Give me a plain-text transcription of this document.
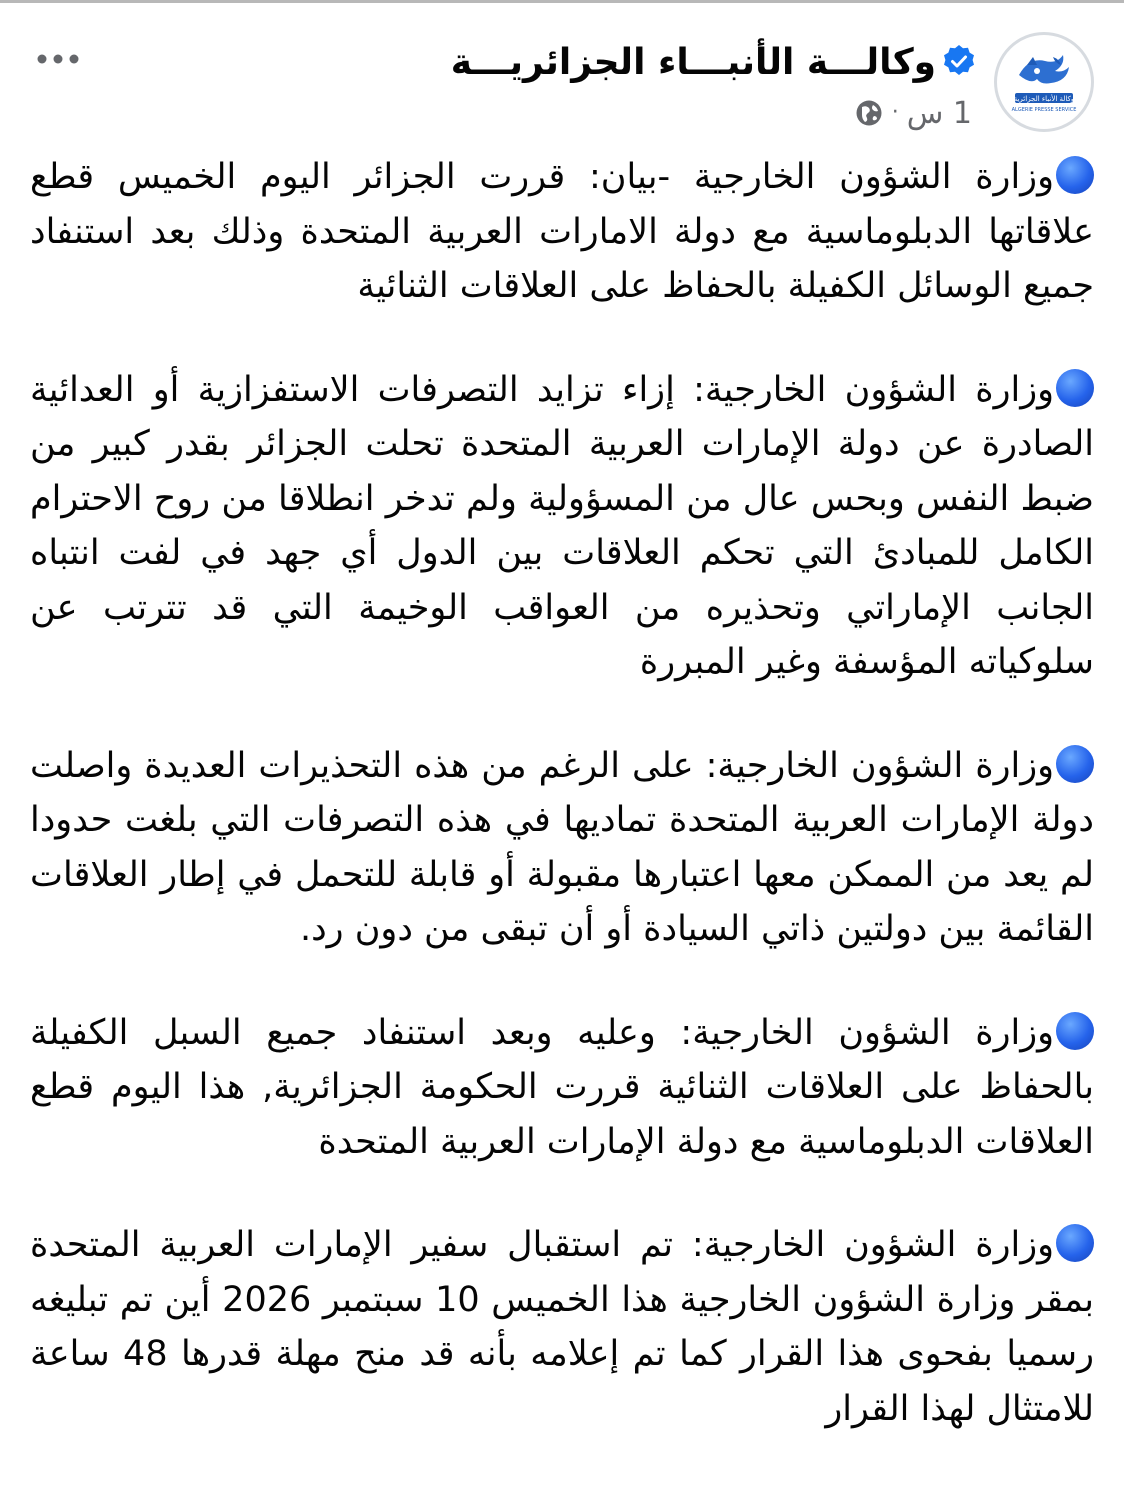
وكالة الأنباء الجزائرية
ALGERIE PRESSE SERVICE
وكالـــة الأنبـــاء الجزائريـــة
1 س·

وزارة الشؤون الخارجية -بيان: قررت الجزائر اليوم الخميس قطع علاقاتها الدبلوماسية مع دولة الامارات العربية المتحدة وذلك بعد استنفاد جميع الوسائل الكفيلة بالحفاظ على العلاقات الثنائية

وزارة الشؤون الخارجية: إزاء تزايد التصرفات الاستفزازية أو العدائية الصادرة عن دولة الإمارات العربية المتحدة تحلت الجزائر بقدر كبير من ضبط النفس وبحس عال من المسؤولية ولم تدخر انطلاقا من روح الاحترام الكامل للمبادئ التي تحكم العلاقات بين الدول أي جهد في لفت انتباه الجانب الإماراتي وتحذيره من العواقب الوخيمة التي قد تترتب عن سلوكياته المؤسفة وغير المبررة

وزارة الشؤون الخارجية: على الرغم من هذه التحذيرات العديدة واصلت دولة الإمارات العربية المتحدة تماديها في هذه التصرفات التي بلغت حدودا لم يعد من الممكن معها اعتبارها مقبولة أو قابلة للتحمل في إطار العلاقات القائمة بين دولتين ذاتي السيادة أو أن تبقى من دون رد.

وزارة الشؤون الخارجية: وعليه وبعد استنفاد جميع السبل الكفيلة بالحفاظ على العلاقات الثنائية قررت الحكومة الجزائرية, هذا اليوم قطع العلاقات الدبلوماسية مع دولة الإمارات العربية المتحدة

وزارة الشؤون الخارجية: تم استقبال سفير الإمارات العربية المتحدة بمقر وزارة الشؤون الخارجية هذا الخميس 10 سبتمبر 2026 أين تم تبليغه رسميا بفحوى هذا القرار كما تم إعلامه بأنه قد منح مهلة قدرها 48 ساعة للامتثال لهذا القرار
